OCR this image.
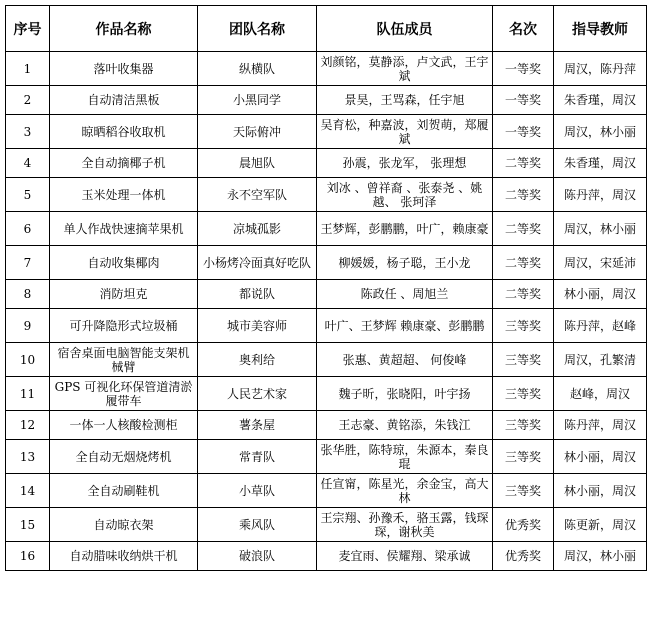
序号	作品名称	团队名称	队伍成员	名次	指导教师
1	落叶收集器	纵横队	刘颜铭，莫静添，卢文武，王宇斌	一等奖	周汉，陈丹萍
2	自动清洁黑板	小黑同学	景昊，王骂森，任宇旭	一等奖	朱香瑾，周汉
3	晾晒稻谷收取机	天际俯冲	吴育松，种嘉波，刘贺萌，郑履斌	一等奖	周汉，林小丽
4	全自动摘椰子机	晨旭队	孙震，张龙军， 张理想	二等奖	朱香瑾，周汉
5	玉米处理一体机	永不空军队	刘冰 、曾祥裔 、张泰尧 、姚越、 张珂泽	二等奖	陈丹萍，周汉
6	单人作战快速摘苹果机	凉城孤影	王梦辉，彭鹏鹏，叶广，赖康豪	二等奖	周汉，林小丽
7	自动收集椰肉	小杨烤冷面真好吃队	柳媛媛，杨子聪，王小龙	二等奖	周汉，宋延沛
8	消防坦克	都说队	陈政任 、周旭兰	二等奖	林小丽，周汉
9	可升降隐形式垃圾桶	城市美容师	叶广、王梦辉 赖康豪、彭鹏鹏	三等奖	陈丹萍，赵峰
10	宿舍桌面电脑智能支架机械臂	奥利给	张惠、黄超超、 何俊峰	三等奖	周汉，孔繁清
11	GPS 可视化环保管道清淤履带车	人民艺术家	魏子昕，张晓阳，叶宇扬	三等奖	赵峰，周汉
12	一体一人核酸检测柜	薯条屋	王志豪、黄铭添，朱钱江	三等奖	陈丹萍，周汉
13	全自动无烟烧烤机	常青队	张华胜，陈特琼，朱源本，秦良琨	三等奖	林小丽，周汉
14	全自动刷鞋机	小草队	任宣甯，陈星光，余金宝，高大林	三等奖	林小丽，周汉
15	自动晾衣架	乘风队	王宗翔、孙豫禾，骆玉露，钱琛琛，谢秋美	优秀奖	陈更新，周汉
16	自动腊味收纳烘干机	破浪队	麦宜雨、侯耀翔、梁承诚	优秀奖	周汉，林小丽
